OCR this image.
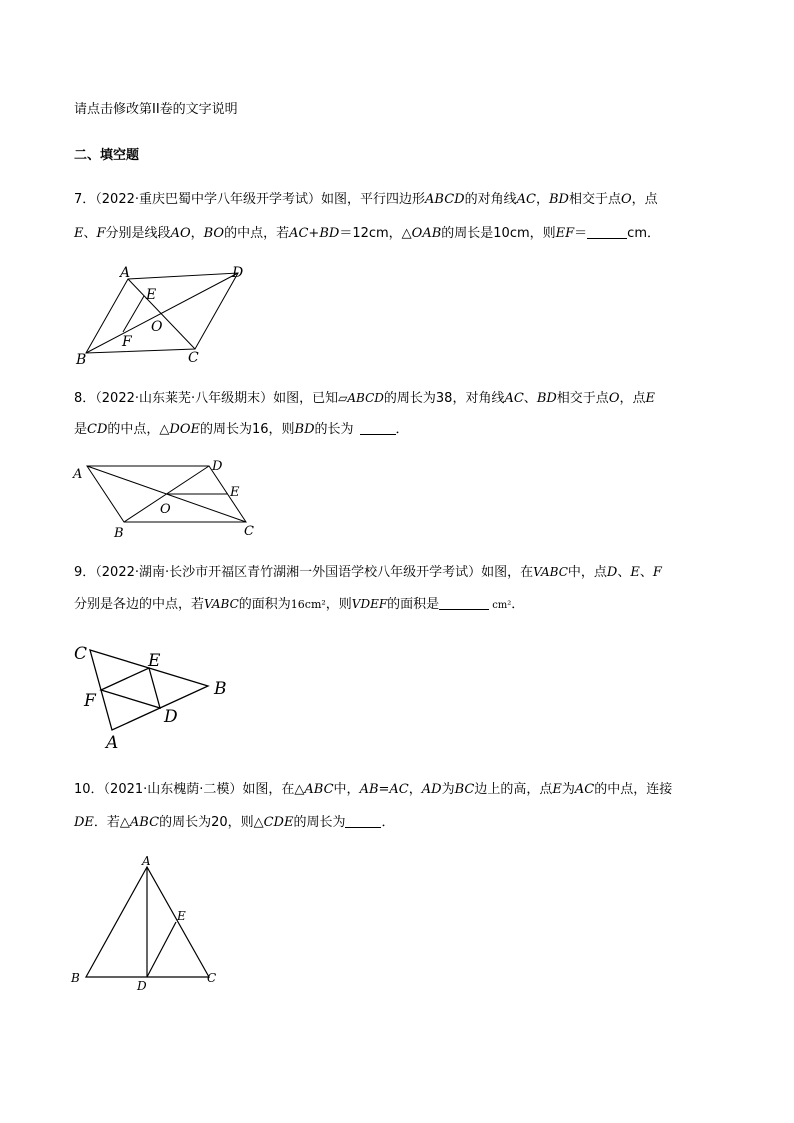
请点击修改第II卷的文字说明
二、填空题
7．（2022·重庆巴蜀中学八年级开学考试）如图，平行四边形ABCD的对角线AC，BD相交于点O，点
E、F分别是线段AO，BO的中点，若AC+BD＝12cm，△OAB的周长是10cm，则EF＝	cm．
A	D
E
O
F
B	C
8．（2022·山东莱芜·八年级期末）如图，已知▱ABCD的周长为38，对角线AC、BD相交于点O，点E
是CD的中点，△DOE的周长为16，则BD的长为	．
A
D
E
O
B	C
9．（2022·湖南·长沙市开福区青竹湖湘一外国语学校八年级开学考试）如图，在VABC中，点D、E、F
分别是各边的中点，若VABC的面积为16cm²，则VDEF的面积是	cm²．
C	E
B
F
D
A
10．（2021·山东槐荫·二模）如图，在△ABC中，AB=AC，AD为BC边上的高，点E为AC的中点，连接
DE．若△ABC的周长为20，则△CDE的周长为	．
A
E
B
D
C
